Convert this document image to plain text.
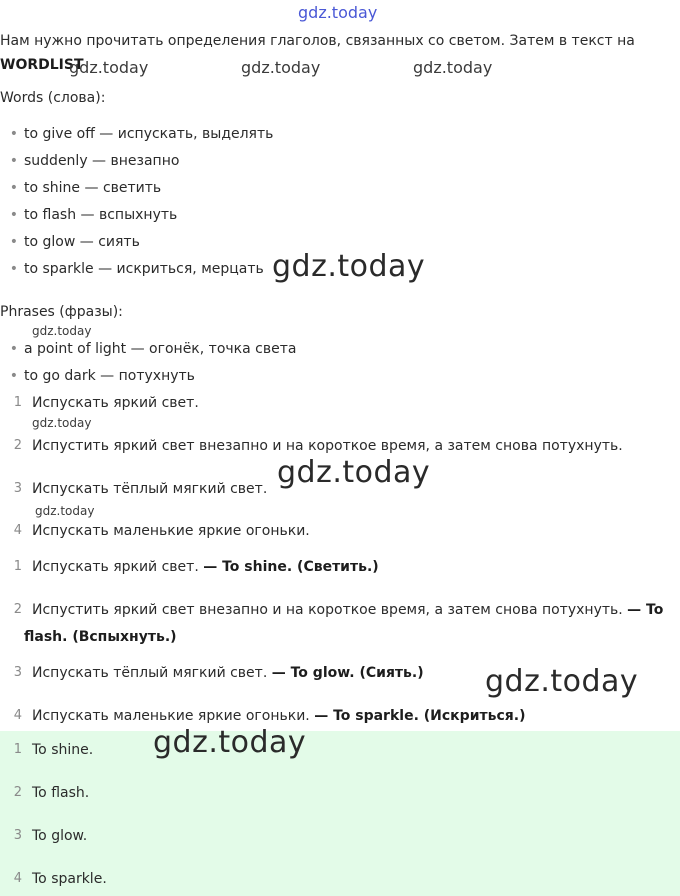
gdz.today
Нам нужно прочитать определения глаголов, связанных со светом. Затем в текст на
WORDLIST
gdz.today	gdz.today	gdz.today
Words (слова):
• to give off — испускать, выделять
• suddenly — внезапно
• to shine — светить
• to flash — вспыхнуть
• to glow — сиять
• to sparkle — искриться, мерцать gdz.today
Phrases (фразы):
gdz.today
• a point of light — огонёк, точка света
• to go dark — потухнуть
1 Испускать яркий свет.
gdz.today
2 Испустить яркий свет внезапно и на короткое время, а затем снова потухнуть.
gdz.today
3 Испускать тёплый мягкий свет.
gdz.today
4 Испускать маленькие яркие огоньки.
1 Испускать яркий свет. — To shine. (Светить.)
2 Испустить яркий свет внезапно и на короткое время, а затем снова потухнуть. — To
flash. (Вспыхнуть.)
3 Испускать тёплый мягкий свет. — To glow. (Сиять.) gdz.today
4 Испускать маленькие яркие огоньки. — To sparkle. (Искриться.)
1 To shine.
2 To flash.
3 To glow.
4 To sparkle.
gdz.today
